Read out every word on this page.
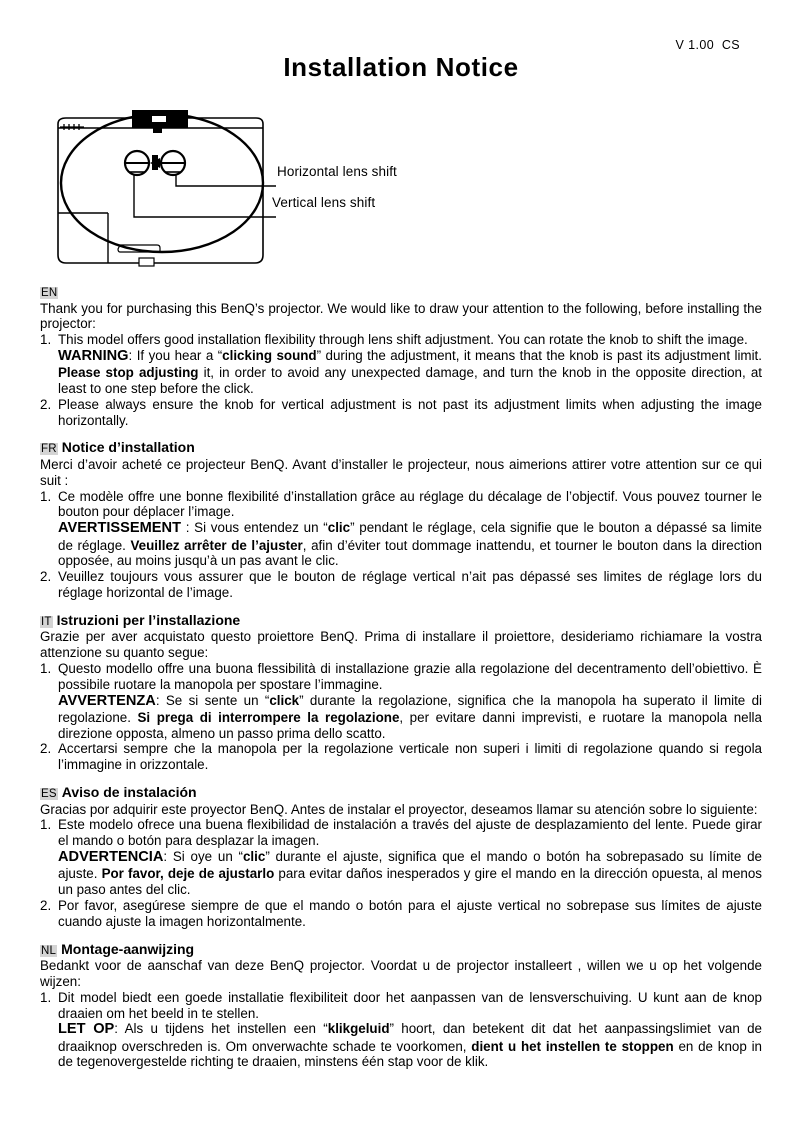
V 1.00  CS
Installation Notice
Horizontal lens shift
Vertical lens shift
EN

Thank you for purchasing this BenQ’s projector. We would like to draw your attention to the following, before installing the projector:

1. This model offers good installation flexibility through lens shift adjustment. You can rotate the knob to shift the image.
WARNING: If you hear a “clicking sound” during the adjustment, it means that the knob is past its adjustment limit. Please stop adjusting it, in order to avoid any unexpected damage, and turn the knob in the opposite direction, at least to one step before the click.
2. Please always ensure the knob for vertical adjustment is not past its adjustment limits when adjusting the image horizontally.
FR Notice d’installation

Merci d’avoir acheté ce projecteur BenQ. Avant d’installer le projecteur, nous aimerions attirer votre attention sur ce qui suit :

1. Ce modèle offre une bonne flexibilité d’installation grâce au réglage du décalage de l’objectif. Vous pouvez tourner le bouton pour déplacer l’image.
AVERTISSEMENT : Si vous entendez un “clic” pendant le réglage, cela signifie que le bouton a dépassé sa limite de réglage. Veuillez arrêter de l’ajuster, afin d’éviter tout dommage inattendu, et tourner le bouton dans la direction opposée, au moins jusqu’à un pas avant le clic.
2. Veuillez toujours vous assurer que le bouton de réglage vertical n’ait pas dépassé ses limites de réglage lors du réglage horizontal de l’image.
IT Istruzioni per l’installazione

Grazie per aver acquistato questo proiettore BenQ. Prima di installare il proiettore, desideriamo richiamare la vostra attenzione su quanto segue:

1. Questo modello offre una buona flessibilità di installazione grazie alla regolazione del decentramento dell’obiettivo. È possibile ruotare la manopola per spostare l’immagine.
AVVERTENZA: Se si sente un “click” durante la regolazione, significa che la manopola ha superato il limite di regolazione. Si prega di interrompere la regolazione, per evitare danni imprevisti, e ruotare la manopola nella direzione opposta, almeno un passo prima dello scatto.
2. Accertarsi sempre che la manopola per la regolazione verticale non superi i limiti di regolazione quando si regola l’immagine in orizzontale.
ES Aviso de instalación

Gracias por adquirir este proyector BenQ. Antes de instalar el proyector, deseamos llamar su atención sobre lo siguiente:

1. Este modelo ofrece una buena flexibilidad de instalación a través del ajuste de desplazamiento del lente. Puede girar el mando o botón para desplazar la imagen.
ADVERTENCIA: Si oye un “clic” durante el ajuste, significa que el mando o botón ha sobrepasado su límite de ajuste. Por favor, deje de ajustarlo para evitar daños inesperados y gire el mando en la dirección opuesta, al menos un paso antes del clic.
2. Por favor, asegúrese siempre de que el mando o botón para el ajuste vertical no sobrepase sus límites de ajuste cuando ajuste la imagen horizontalmente.
NL Montage-aanwijzing

Bedankt voor de aanschaf van deze BenQ projector. Voordat u de projector installeert , willen we u op het volgende wijzen:

1. Dit model biedt een goede installatie flexibiliteit door het aanpassen van de lensverschuiving. U kunt aan de knop draaien om het beeld in te stellen.
LET OP: Als u tijdens het instellen een “klikgeluid” hoort, dan betekent dit dat het aanpassingslimiet van de draaiknop overschreden is. Om onverwachte schade te voorkomen, dient u het instellen te stoppen en de knop in de tegenovergestelde richting te draaien, minstens één stap voor de klik.
